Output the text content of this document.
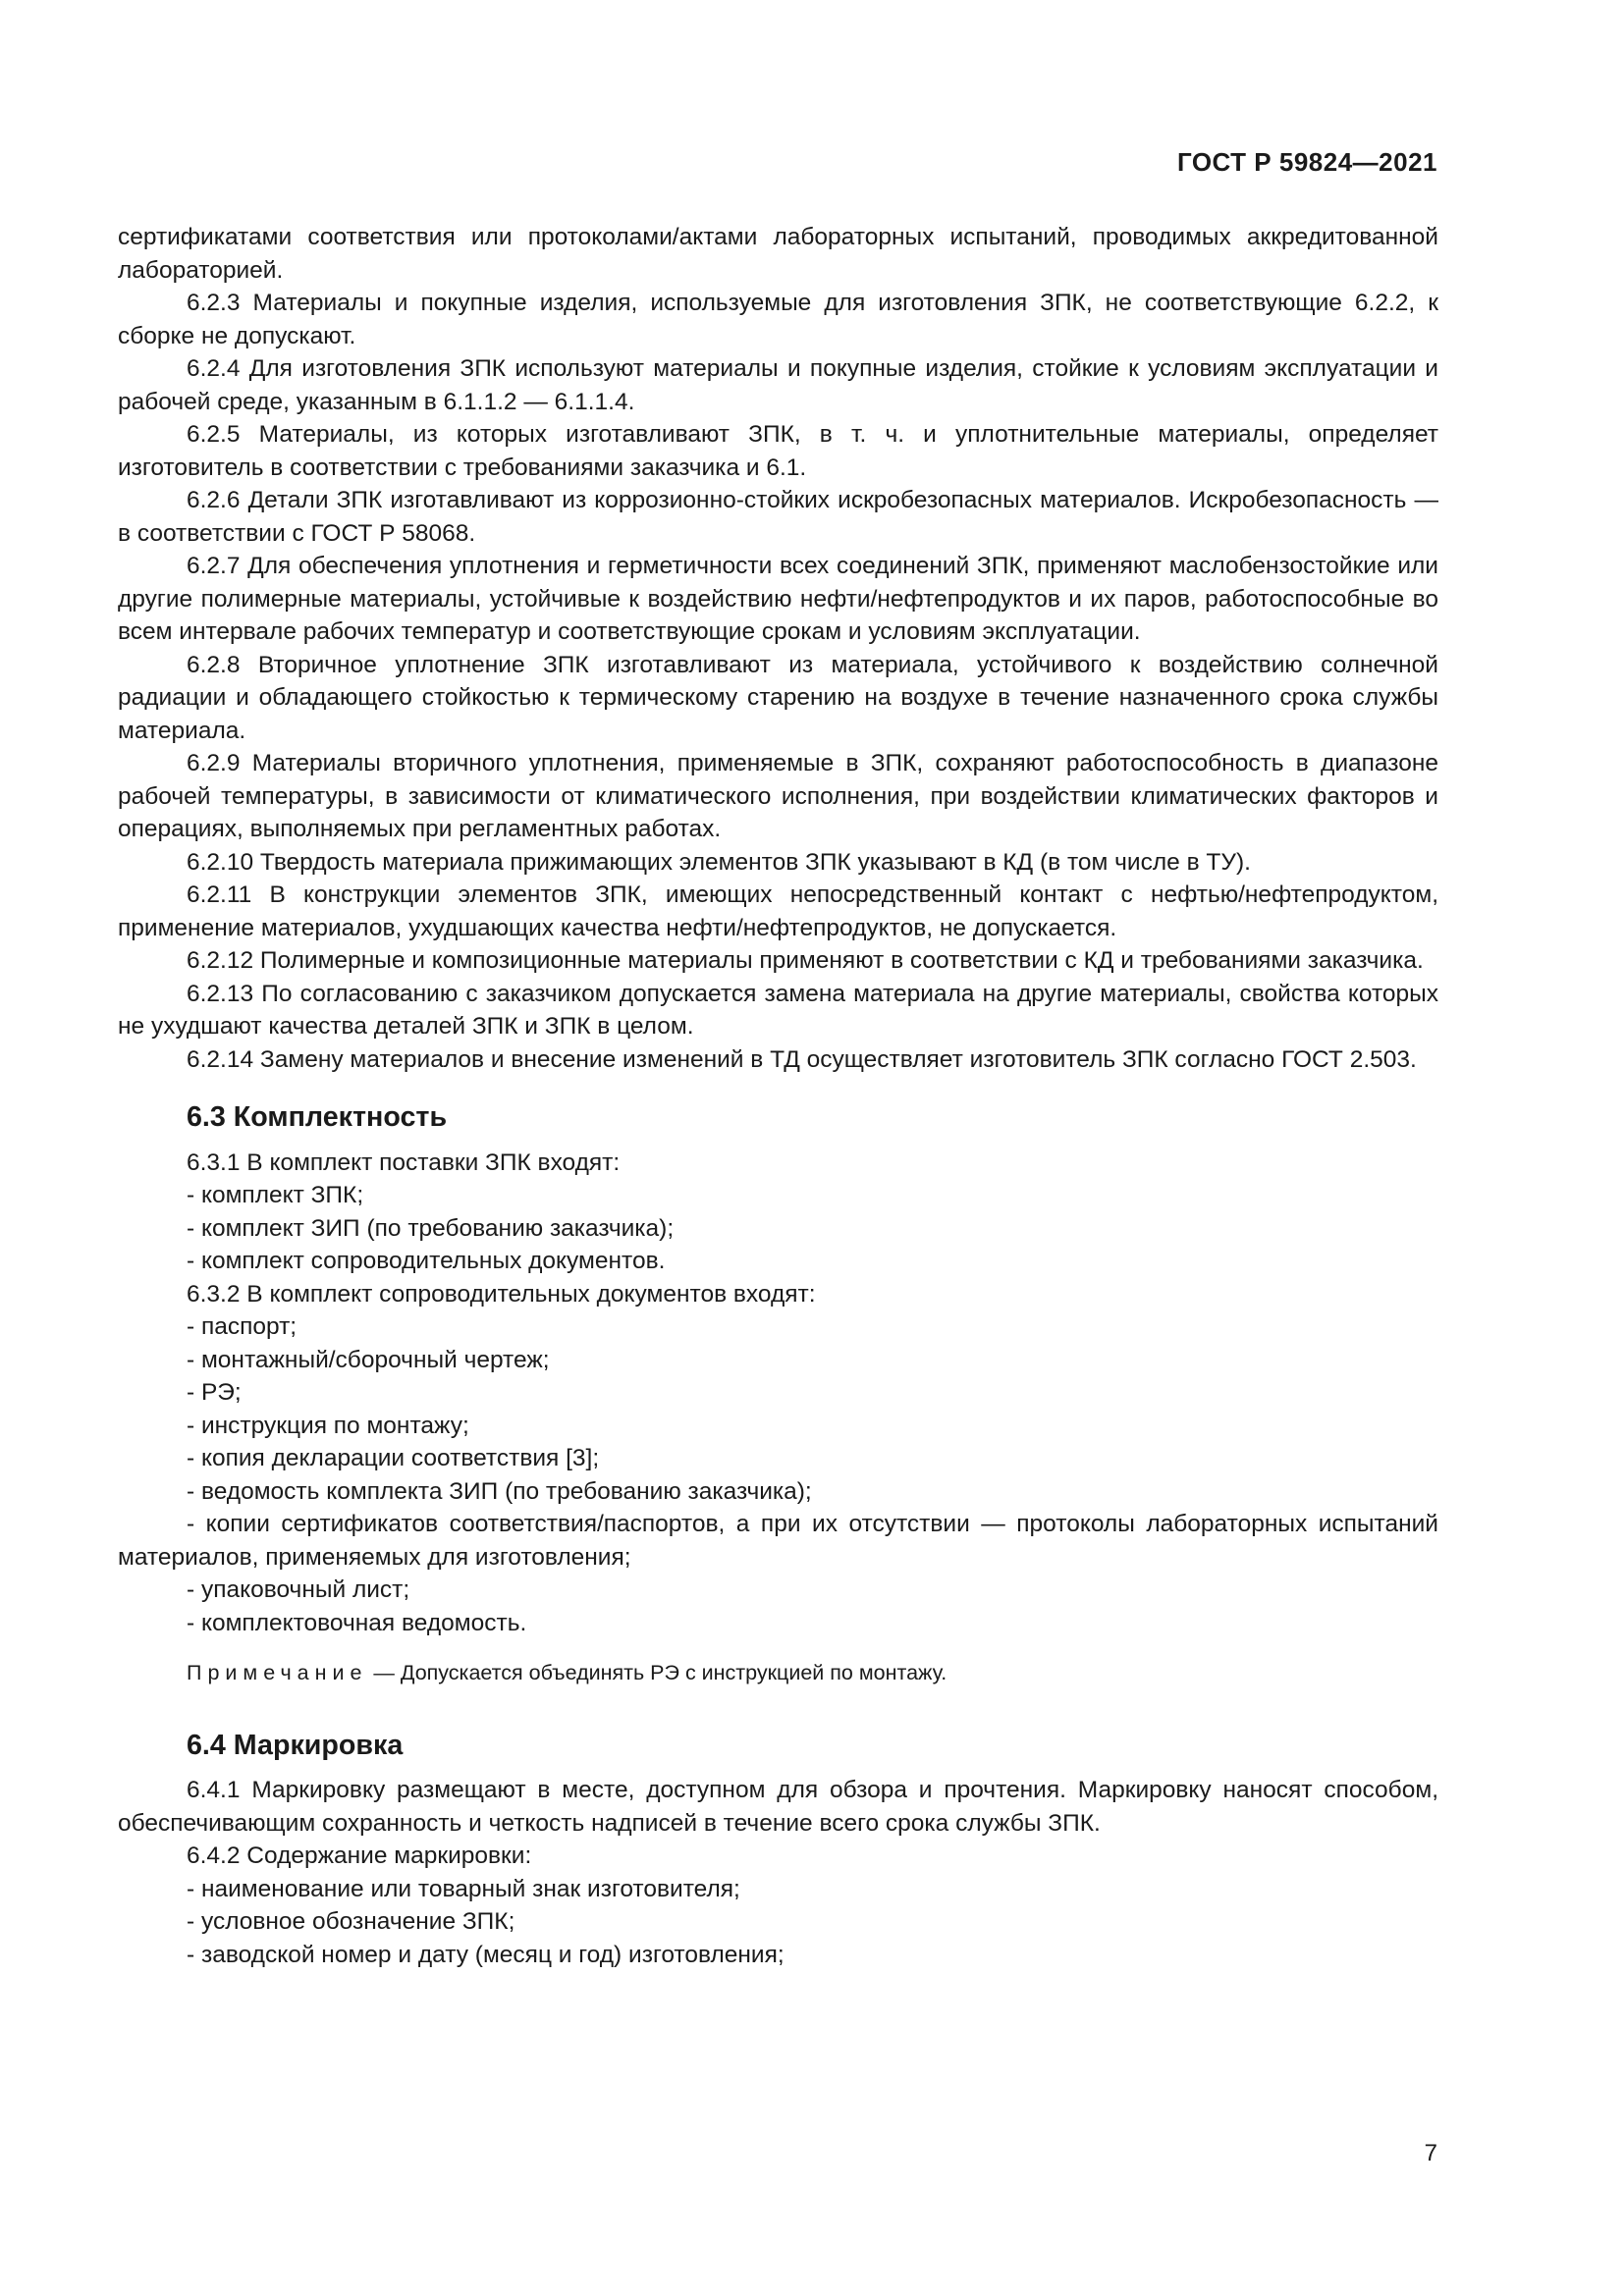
ГОСТ Р 59824—2021

сертификатами соответствия или протоколами/актами лабораторных испытаний, проводимых аккредитованной лабораторией.

6.2.3 Материалы и покупные изделия, используемые для изготовления ЗПК, не соответствующие 6.2.2, к сборке не допускают.

6.2.4 Для изготовления ЗПК используют материалы и покупные изделия, стойкие к условиям эксплуатации и рабочей среде, указанным в 6.1.1.2 — 6.1.1.4.

6.2.5 Материалы, из которых изготавливают ЗПК, в т. ч. и уплотнительные материалы, определяет изготовитель в соответствии с требованиями заказчика и 6.1.

6.2.6 Детали ЗПК изготавливают из коррозионно-стойких искробезопасных материалов. Искробезопасность — в соответствии с ГОСТ Р 58068.

6.2.7 Для обеспечения уплотнения и герметичности всех соединений ЗПК, применяют маслобензостойкие или другие полимерные материалы, устойчивые к воздействию нефти/нефтепродуктов и их паров, работоспособные во всем интервале рабочих температур и соответствующие срокам и условиям эксплуатации.

6.2.8 Вторичное уплотнение ЗПК изготавливают из материала, устойчивого к воздействию солнечной радиации и обладающего стойкостью к термическому старению на воздухе в течение назначенного срока службы материала.

6.2.9 Материалы вторичного уплотнения, применяемые в ЗПК, сохраняют работоспособность в диапазоне рабочей температуры, в зависимости от климатического исполнения, при воздействии климатических факторов и операциях, выполняемых при регламентных работах.

6.2.10 Твердость материала прижимающих элементов ЗПК указывают в КД (в том числе в ТУ).

6.2.11 В конструкции элементов ЗПК, имеющих непосредственный контакт с нефтью/нефтепродуктом, применение материалов, ухудшающих качества нефти/нефтепродуктов, не допускается.

6.2.12 Полимерные и композиционные материалы применяют в соответствии с КД и требованиями заказчика.

6.2.13 По согласованию с заказчиком допускается замена материала на другие материалы, свойства которых не ухудшают качества деталей ЗПК и ЗПК в целом.

6.2.14 Замену материалов и внесение изменений в ТД осуществляет изготовитель ЗПК согласно ГОСТ 2.503.

6.3 Комплектность

6.3.1 В комплект поставки ЗПК входят:

- комплект ЗПК;

- комплект ЗИП (по требованию заказчика);

- комплект сопроводительных документов.

6.3.2 В комплект сопроводительных документов входят:

- паспорт;

- монтажный/сборочный чертеж;

- РЭ;

- инструкция по монтажу;

- копия декларации соответствия [3];

- ведомость комплекта ЗИП (по требованию заказчика);

- копии сертификатов соответствия/паспортов, а при их отсутствии — протоколы лабораторных испытаний материалов, применяемых для изготовления;

- упаковочный лист;

- комплектовочная ведомость.

Примечание — Допускается объединять РЭ с инструкцией по монтажу.

6.4 Маркировка

6.4.1 Маркировку размещают в месте, доступном для обзора и прочтения. Маркировку наносят способом, обеспечивающим сохранность и четкость надписей в течение всего срока службы ЗПК.

6.4.2 Содержание маркировки:

- наименование или товарный знак изготовителя;

- условное обозначение ЗПК;

- заводской номер и дату (месяц и год) изготовления;

7
